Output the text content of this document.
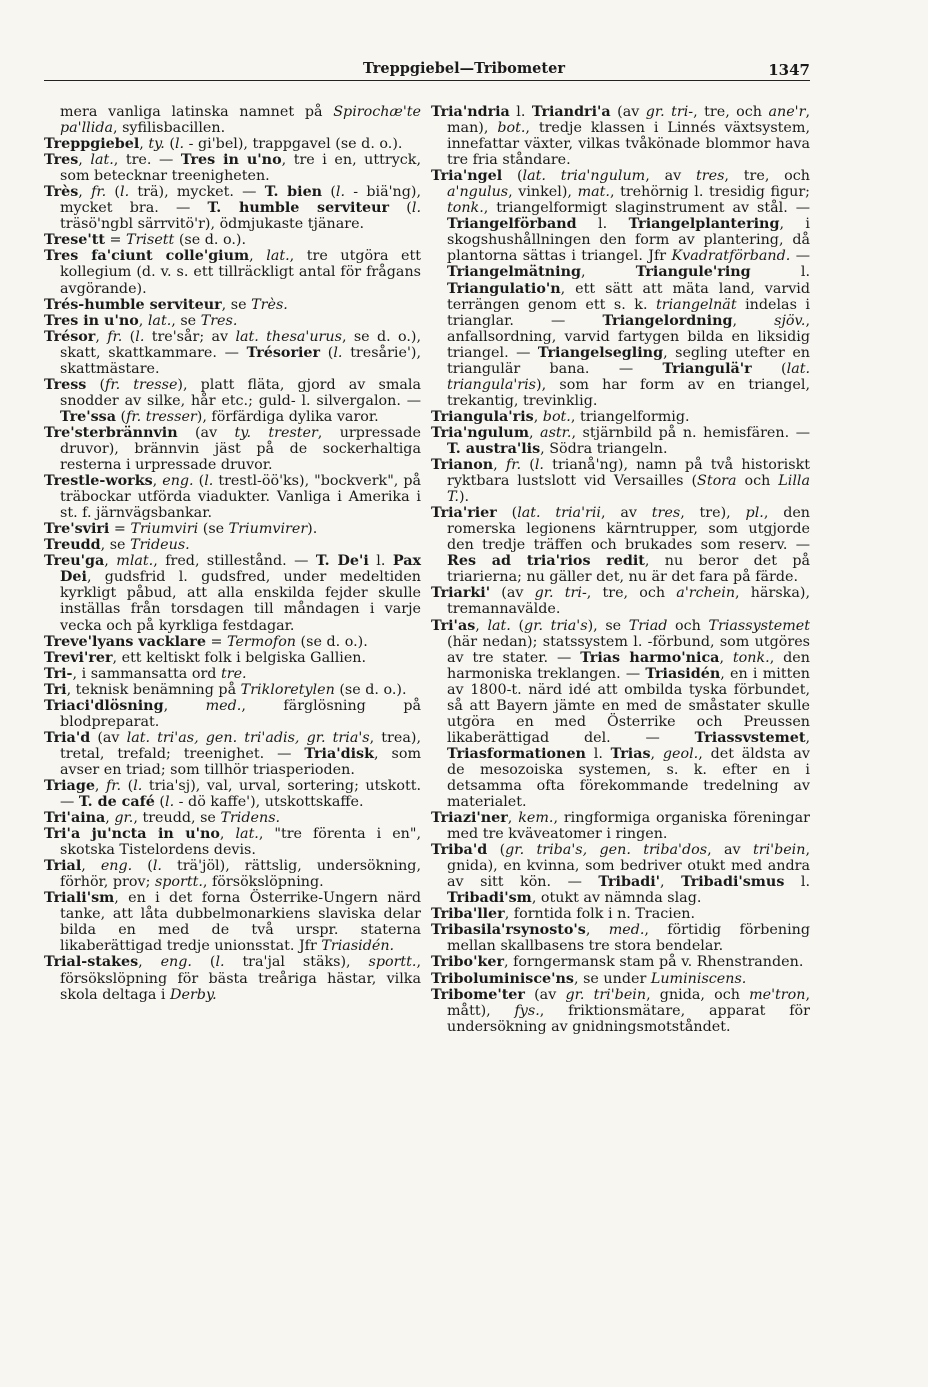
Treppgiebel—Tribometer	1347

mera vanliga latinska namnet på Spirochæ'te pa'llida, syfilisbacillen.

Treppgiebel, ty. (l. - gi'bel), trappgavel (se d. o.).

Tres, lat., tre. — Tres in u'no, tre i en, uttryck, som betecknar treenigheten.

Très, fr. (l. trä), mycket. — T. bien (l. - biä'ng), mycket bra. — T. humble serviteur (l. träsö'ngbl särrvitö'r), ödmjukaste tjänare.

Trese'tt = Trisett (se d. o.).

Tres fa'ciunt colle'gium, lat., tre utgöra ett kollegium (d. v. s. ett tillräckligt antal för frågans avgörande).

Trés-humble serviteur, se Très.

Tres in u'no, lat., se Tres.

Trésor, fr. (l. tre'sår; av lat. thesa'urus, se d. o.), skatt, skattkammare. — Trésorier (l. tresårie'), skattmästare.

Tress (fr. tresse), platt fläta, gjord av smala snodder av silke, hår etc.; guld- l. silvergalon. — Tre'ssa (fr. tresser), förfärdiga dylika varor.

Tre'sterbrännvin (av ty. trester, urpressade druvor), brännvin jäst på de sockerhaltiga resterna i urpressade druvor.

Trestle-works, eng. (l. trestl-öö'ks), "bockverk", på träbockar utförda viadukter. Vanliga i Amerika i st. f. järnvägsbankar.

Tre'sviri = Triumviri (se Triumvirer).

Treudd, se Trideus.

Treu'ga, mlat., fred, stillestånd. — T. De'i l. Pax Dei, gudsfrid l. gudsfred, under medeltiden kyrkligt påbud, att alla enskilda fejder skulle inställas från torsdagen till måndagen i varje vecka och på kyrkliga festdagar.

Treve'lyans vacklare = Termofon (se d. o.).

Trevi'rer, ett keltiskt folk i belgiska Gallien.

Tri-, i sammansatta ord tre.

Tri, teknisk benämning på Trikloretylen (se d. o.).

Triaci'dlösning, med., färglösning på blodpreparat.

Tria'd (av lat. tri'as, gen. tri'adis, gr. tria's, trea), tretal, trefald; treenighet. — Tria'disk, som avser en triad; som tillhör triasperioden.

Triage, fr. (l. tria'sj), val, urval, sortering; utskott. — T. de café (l. - dö kaffe'), utskottskaffe.

Tri'aina, gr., treudd, se Tridens.

Tri'a ju'ncta in u'no, lat., "tre förenta i en", skotska Tistelordens devis.

Trial, eng. (l. trä'jöl), rättslig, undersökning, förhör, prov; sportt., försökslöpning.

Triali'sm, en i det forna Österrike-Ungern närd tanke, att låta dubbelmonarkiens slaviska delar bilda en med de två urspr. staterna likaberättigad tredje unionsstat. Jfr Triasidén.

Trial-stakes, eng. (l. tra'jal stäks), sportt., försökslöpning för bästa treåriga hästar, vilka skola deltaga i Derby.

Tria'ndria l. Triandri'a (av gr. tri-, tre, och ane'r, man), bot., tredje klassen i Linnés växtsystem, innefattar växter, vilkas tvåkönade blommor hava tre fria ståndare.

Tria'ngel (lat. tria'ngulum, av tres, tre, och a'ngulus, vinkel), mat., trehörnig l. tresidig figur; tonk., triangelformigt slaginstrument av stål. — Triangelförband l. Triangelplantering, i skogshushållningen den form av plantering, då plantorna sättas i triangel. Jfr Kvadratförband. — Triangelmätning, Triangule'ring l. Triangulatio'n, ett sätt att mäta land, varvid terrängen genom ett s. k. triangelnät indelas i trianglar. — Triangelordning, sjöv., anfallsordning, varvid fartygen bilda en liksidig triangel. — Triangelsegling, segling utefter en triangulär bana. — Triangulä'r (lat. triangula'ris), som har form av en triangel, trekantig, trevinklig.

Triangula'ris, bot., triangelformig.

Tria'ngulum, astr., stjärnbild på n. hemisfären. — T. austra'lis, Södra triangeln.

Trianon, fr. (l. trianå'ng), namn på två historiskt ryktbara lustslott vid Versailles (Stora och Lilla T.).

Tria'rier (lat. tria'rii, av tres, tre), pl., den romerska legionens kärntrupper, som utgjorde den tredje träffen och brukades som reserv. — Res ad tria'rios redit, nu beror det på triarierna; nu gäller det, nu är det fara på färde.

Triarki' (av gr. tri-, tre, och a'rchein, härska), tremannavälde.

Tri'as, lat. (gr. tria's), se Triad och Triassystemet (här nedan); statssystem l. -förbund, som utgöres av tre stater. — Trias harmo'nica, tonk., den harmoniska treklangen. — Triasidén, en i mitten av 1800-t. närd idé att ombilda tyska förbundet, så att Bayern jämte en med de småstater skulle utgöra en med Österrike och Preussen likaberättigad del. — Triassvstemet, Triasformationen l. Trias, geol., det äldsta av de mesozoiska systemen, s. k. efter en i detsamma ofta förekommande tredelning av materialet.

Triazi'ner, kem., ringformiga organiska föreningar med tre kväveatomer i ringen.

Triba'd (gr. triba's, gen. triba'dos, av tri'bein, gnida), en kvinna, som bedriver otukt med andra av sitt kön. — Tribadi', Tribadi'smus l. Tribadi'sm, otukt av nämnda slag.

Triba'ller, forntida folk i n. Tracien.

Tribasila'rsynosto's, med., förtidig förbening mellan skallbasens tre stora bendelar.

Tribo'ker, forngermansk stam på v. Rhenstranden.

Triboluminisce'ns, se under Luminiscens.

Tribome'ter (av gr. tri'bein, gnida, och me'tron, mått), fys., friktionsmätare, apparat för undersökning av gnidningsmotståndet.
